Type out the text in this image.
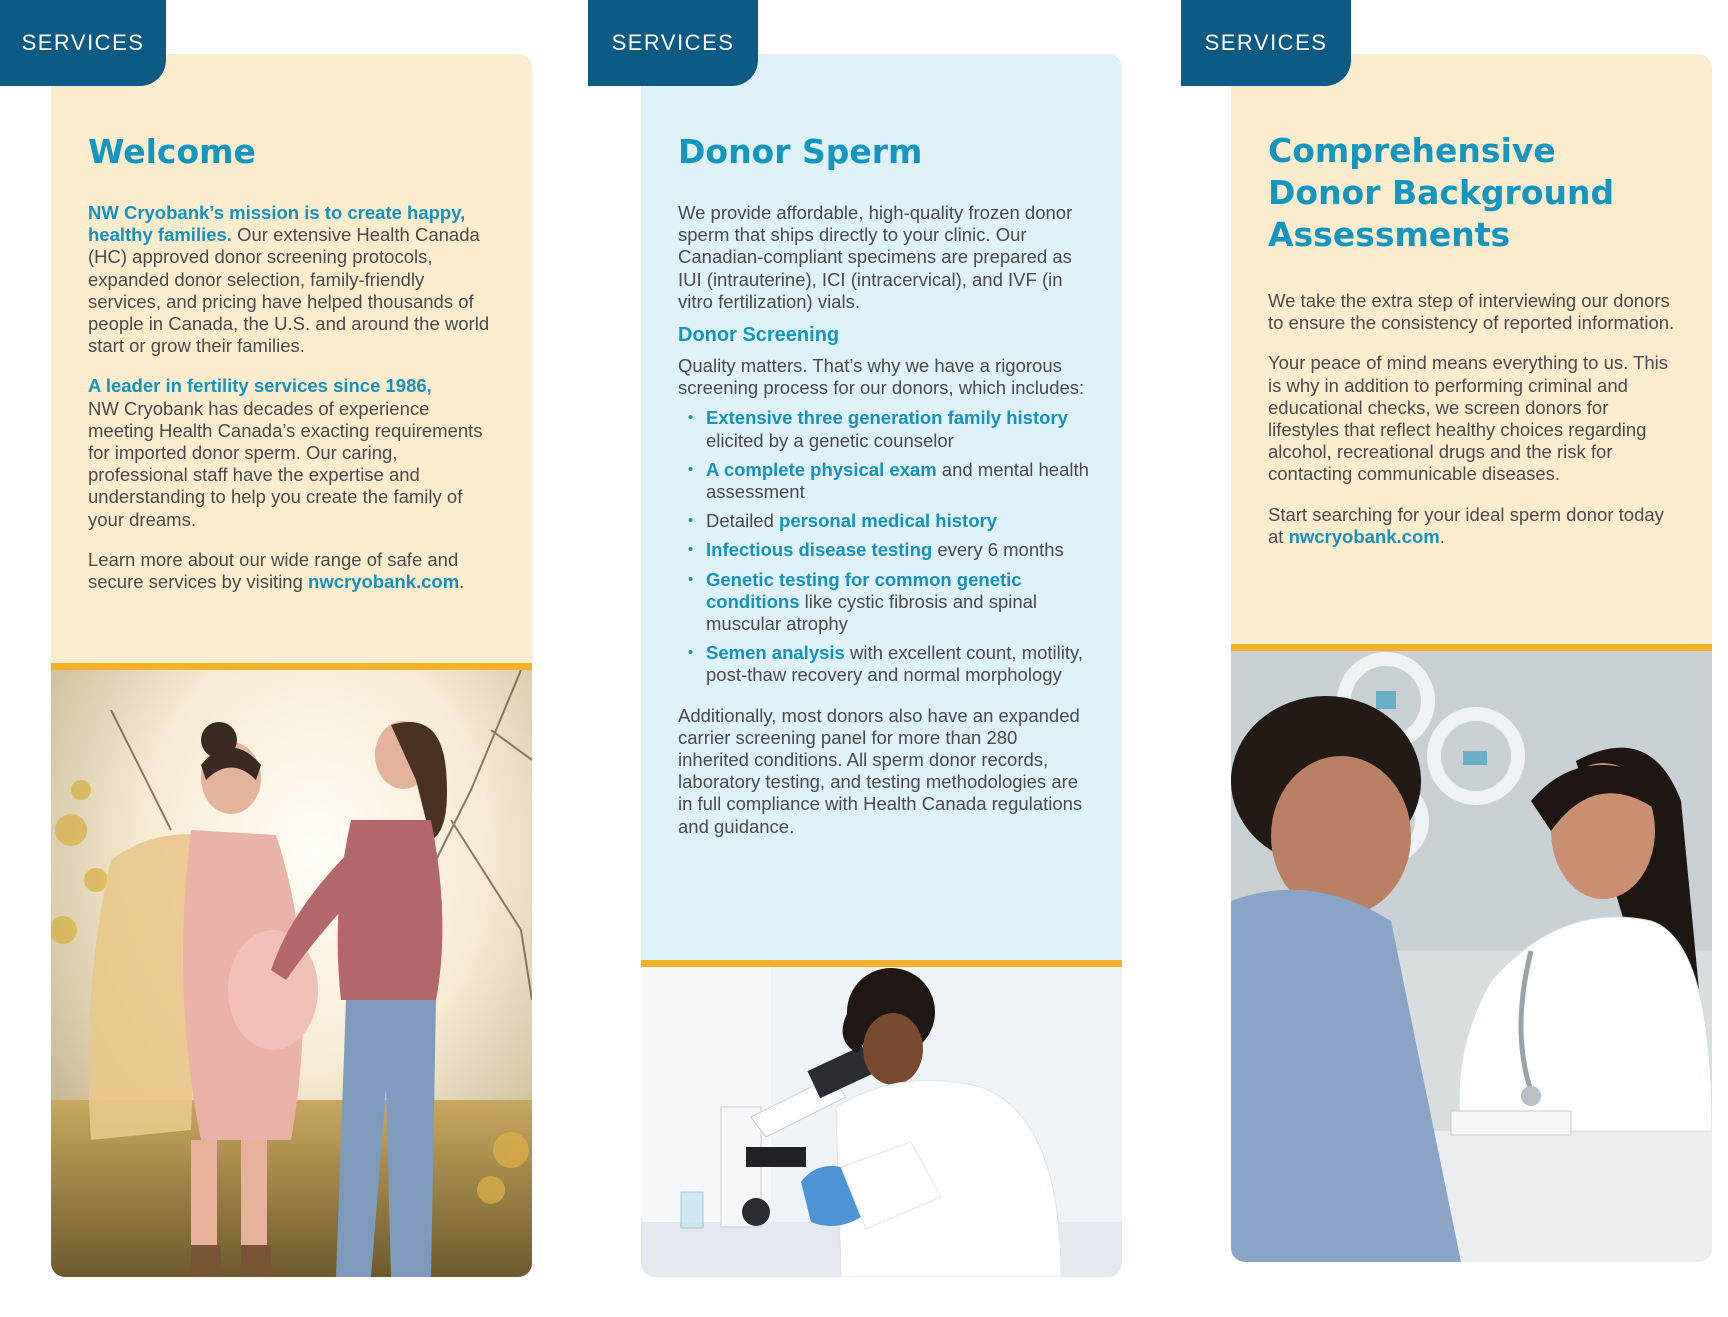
SERVICES	SERVICES	SERVICES
Welcome

NW Cryobank’s mission is to create happy, healthy families. Our extensive Health Canada (HC) approved donor screening protocols, expanded donor selection, family-friendly services, and pricing have helped thousands of people in Canada, the U.S. and around the world start or grow their families.

A leader in fertility services since 1986,
NW Cryobank has decades of experience meeting Health Canada’s exacting requirements for imported donor sperm. Our caring, professional staff have the expertise and understanding to help you create the family of your dreams.

Learn more about our wide range of safe and secure services by visiting nwcryobank.com.

Donor Sperm

We provide affordable, high-quality frozen donor sperm that ships directly to your clinic. Our Canadian-compliant specimens are prepared as IUI (intrauterine), ICI (intracervical), and IVF (in vitro fertilization) vials.

Donor Screening

Quality matters. That’s why we have a rigorous screening process for our donors, which includes:

• Extensive three generation family history elicited by a genetic counselor
• A complete physical exam and mental health assessment
• Detailed personal medical history
• Infectious disease testing every 6 months
• Genetic testing for common genetic conditions like cystic fibrosis and spinal muscular atrophy
• Semen analysis with excellent count, motility, post-thaw recovery and normal morphology

Additionally, most donors also have an expanded carrier screening panel for more than 280 inherited conditions. All sperm donor records, laboratory testing, and testing methodologies are in full compliance with Health Canada regulations and guidance.

Comprehensive
Donor Background
Assessments

We take the extra step of interviewing our donors to ensure the consistency of reported information.

Your peace of mind means everything to us. This is why in addition to performing criminal and educational checks, we screen donors for lifestyles that reflect healthy choices regarding alcohol, recreational drugs and the risk for contacting communicable diseases.

Start searching for your ideal sperm donor today at nwcryobank.com.
